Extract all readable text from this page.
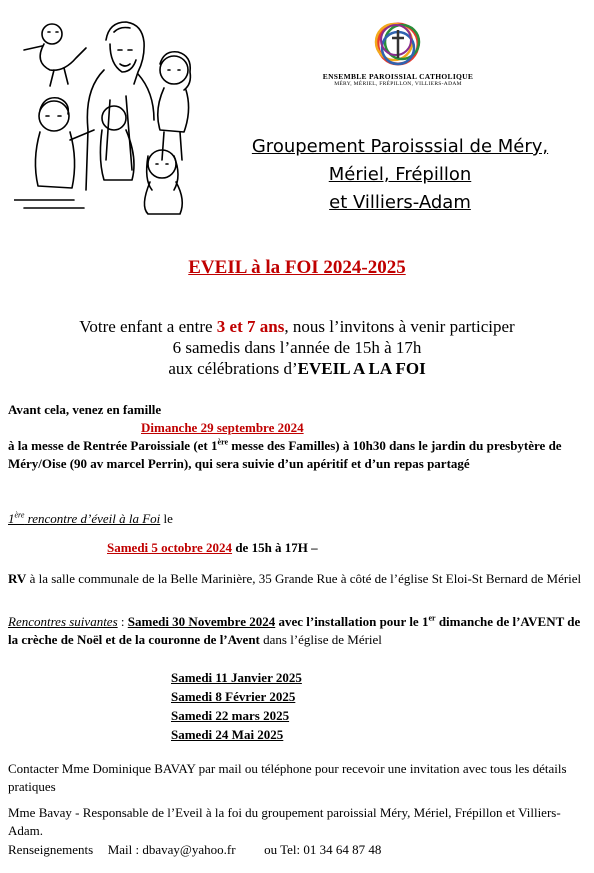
ENSEMBLE PAROISSIAL CATHOLIQUE
MÉRY, MÉRIEL, FRÉPILLON, VILLIERS-ADAM
Groupement Paroisssial de Méry,
Mériel, Frépillon
et Villiers-Adam
EVEIL à la FOI 2024-2025
Votre enfant a entre 3 et 7 ans, nous l’invitons à venir participer
6 samedis dans l’année de 15h à 17h
aux célébrations d’EVEIL A LA FOI
Avant cela, venez en famille
Dimanche 29 septembre 2024
à la messe de Rentrée Paroissiale (et 1ère messe des Familles) à 10h30 dans le jardin du presbytère de Méry/Oise (90 av marcel Perrin), qui sera suivie d’un apéritif et d’un repas partagé
1ère rencontre d’éveil à la Foi le
Samedi 5 octobre 2024 de 15h à 17H –
RV à la salle communale de la Belle Marinière, 35 Grande Rue à côté de l’église St Eloi-St Bernard de Mériel
Rencontres suivantes : Samedi 30 Novembre 2024 avec l’installation pour le 1er dimanche de l’AVENT de la crèche de Noël et de la couronne de l’Avent dans l’église de Mériel
Samedi 11 Janvier 2025
Samedi 8 Février 2025
Samedi 22 mars 2025
Samedi 24 Mai 2025
Contacter Mme Dominique BAVAY par mail ou téléphone pour recevoir une invitation avec tous les détails pratiques
Mme Bavay - Responsable de l’Eveil à la foi du groupement paroissial Méry, Mériel, Frépillon et Villiers-Adam.
Renseignements Mail : dbavay@yahoo.fr ou Tel: 01 34 64 87 48
